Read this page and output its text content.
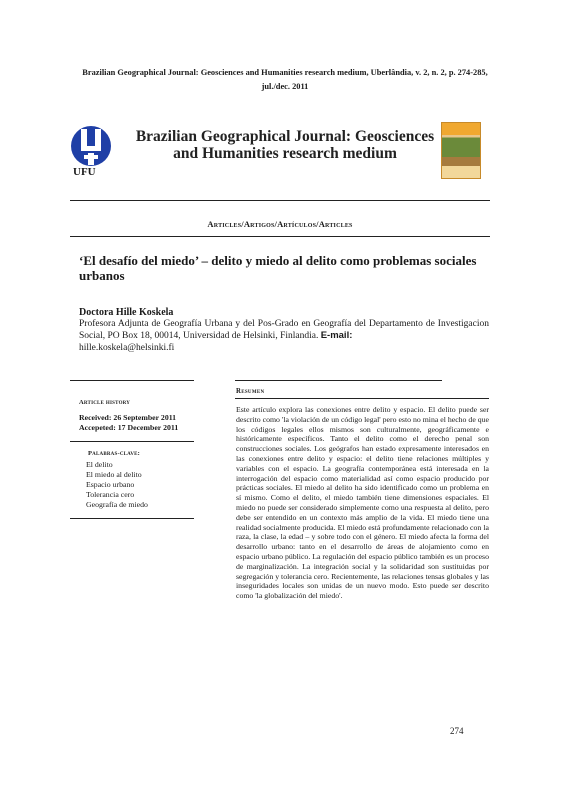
Brazilian Geographical Journal: Geosciences and Humanities research medium, Uberlândia, v. 2, n. 2, p. 274-285, jul./dec. 2011
UFU
Brazilian Geographical Journal: Geosciences and Humanities research medium
Articles/Artigos/Artículos/Articles
‘El desafío del miedo’ – delito y miedo al delito como problemas sociales urbanos
Doctora Hille Koskela
Profesora Adjunta de Geografía Urbana y del Pos-Grado en Geografía del Departamento de Investigacion Social, PO Box 18, 00014, Universidad de Helsinki, Finlandia. E-mail:
hille.koskela@helsinki.fi
Article history
Received: 26 September 2011
Accepeted: 17 December 2011
Palabras-clave:
El delito
El miedo al delito
Espacio urbano
Tolerancia cero
Geografía de miedo
Resumen
Este artículo explora las conexiones entre delito y espacio. El delito puede ser descrito como 'la violación de un código legal' pero esto no mina el hecho de que los códigos legales ellos mismos son culturalmente, geográficamente e históricamente específicos. Tanto el delito como el derecho penal son construcciones sociales. Los geógrafos han estado expresamente interesados en las conexiones entre delito y espacio: el delito tiene relaciones múltiples y variables con el espacio. La geografía contemporánea está interesada en la interrogación del espacio como materialidad así como espacio producido por prácticas sociales. El miedo al delito ha sido identificado como un problema en sí mismo. Como el delito, el miedo también tiene dimensiones espaciales. El miedo no puede ser considerado simplemente como una respuesta al delito, pero debe ser entendido en un contexto más amplio de la vida. El miedo tiene una realidad socialmente producida. El miedo está profundamente relacionado con la raza, la clase, la edad – y sobre todo con el género. El miedo afecta la forma del desarrollo urbano: tanto en el desarrollo de áreas de alojamiento como en espacio urbano público. La regulación del espacio público también es un proceso de marginalización. La integración social y la solidaridad son sustituidas por segregación y tolerancia cero. Recientemente, las relaciones tensas globales y las inseguridades locales son unidas de un nuevo modo. Esto puede ser descrito como 'la globalización del miedo'.
274
